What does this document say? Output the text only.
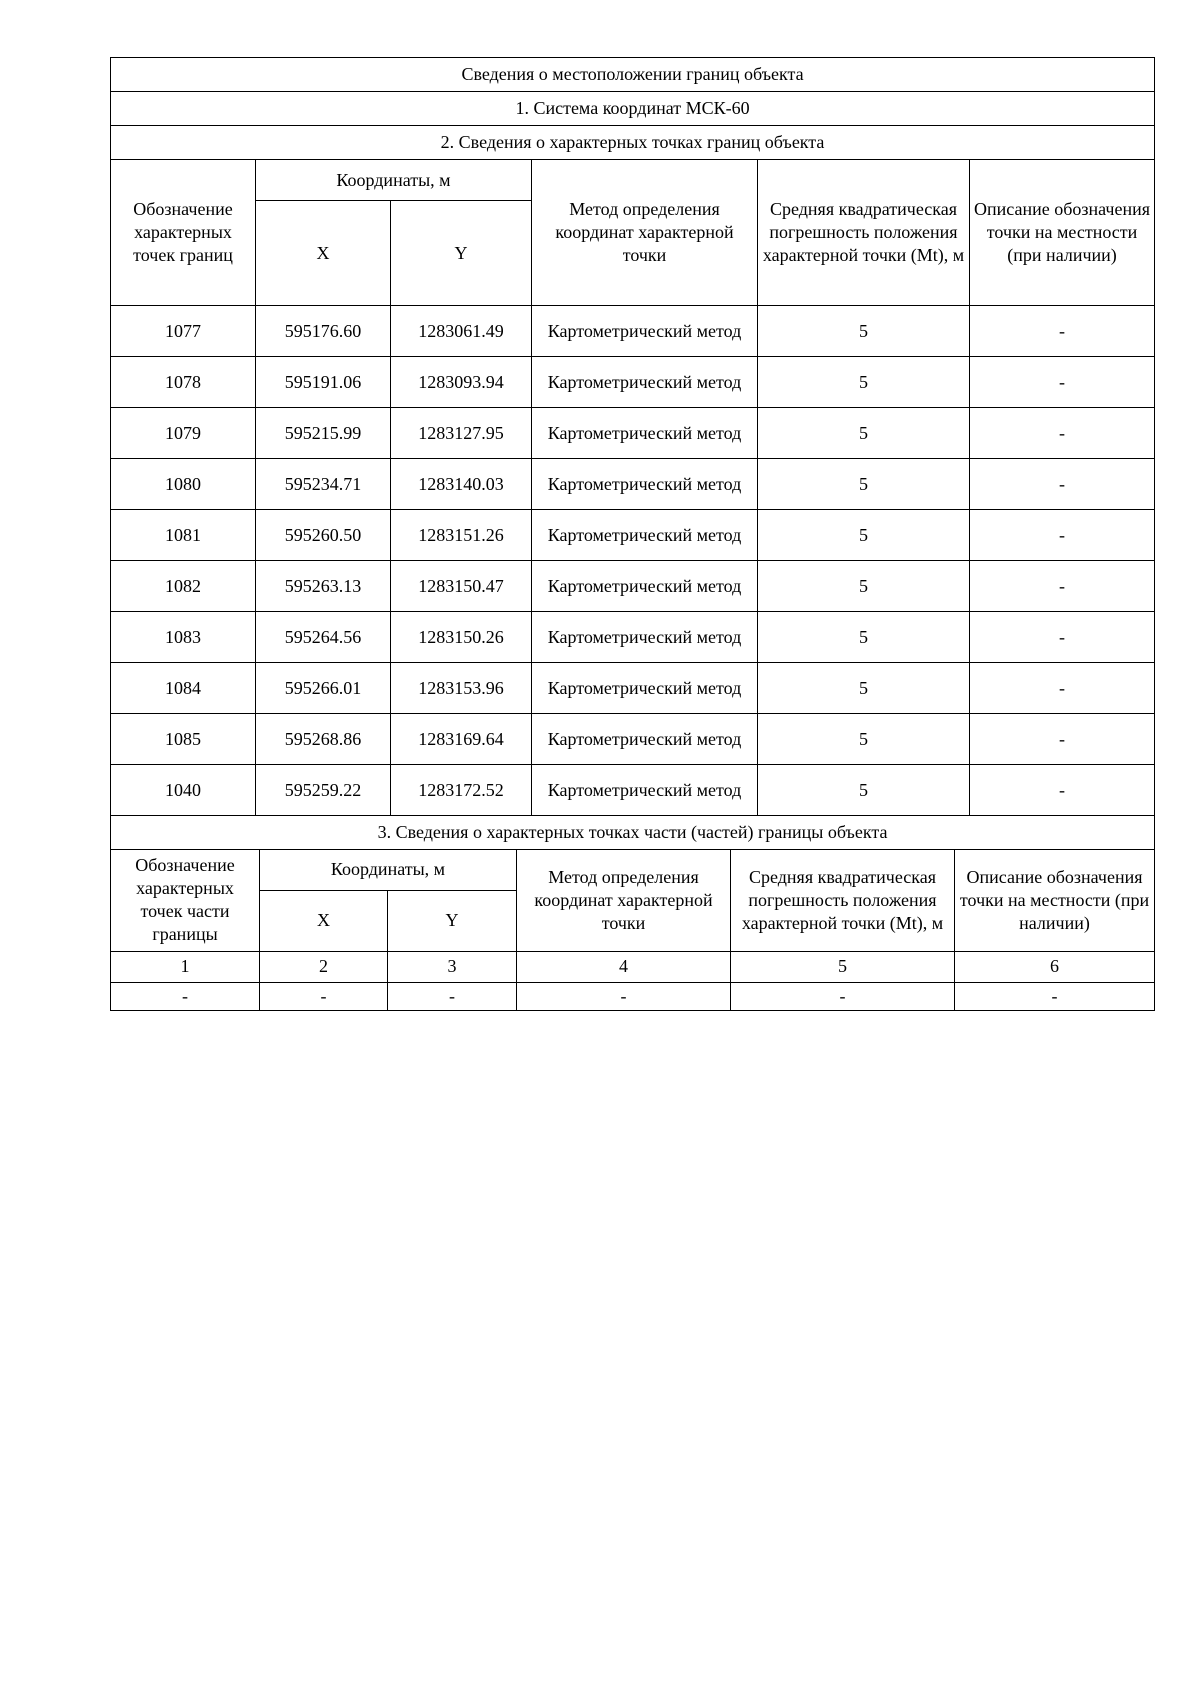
Сведения о местоположении границ объекта					
1. Система координат МСК-60					
2. Сведения о характерных точках границ объекта					
Обозначение характерных точек границ	Координаты, м		Метод определения координат характерной точки	Средняя квадратическая погрешность положения характерной точки (Mt), м	Описание обозначения точки на местности (при наличии)
	X	Y			
1077	595176.60	1283061.49	Картометрический метод	5	-
1078	595191.06	1283093.94	Картометрический метод	5	-
1079	595215.99	1283127.95	Картометрический метод	5	-
1080	595234.71	1283140.03	Картометрический метод	5	-
1081	595260.50	1283151.26	Картометрический метод	5	-
1082	595263.13	1283150.47	Картометрический метод	5	-
1083	595264.56	1283150.26	Картометрический метод	5	-
1084	595266.01	1283153.96	Картометрический метод	5	-
1085	595268.86	1283169.64	Картометрический метод	5	-
1040	595259.22	1283172.52	Картометрический метод	5	-
3. Сведения о характерных точках части (частей) границы объекта					
Обозначение характерных точек части границы	Координаты, м		Метод определения координат характерной точки	Средняя квадратическая погрешность положения характерной точки (Mt), м	Описание обозначения точки на местности (при наличии)
	X	Y			
1	2	3	4	5	6
-	-	-	-	-	-
